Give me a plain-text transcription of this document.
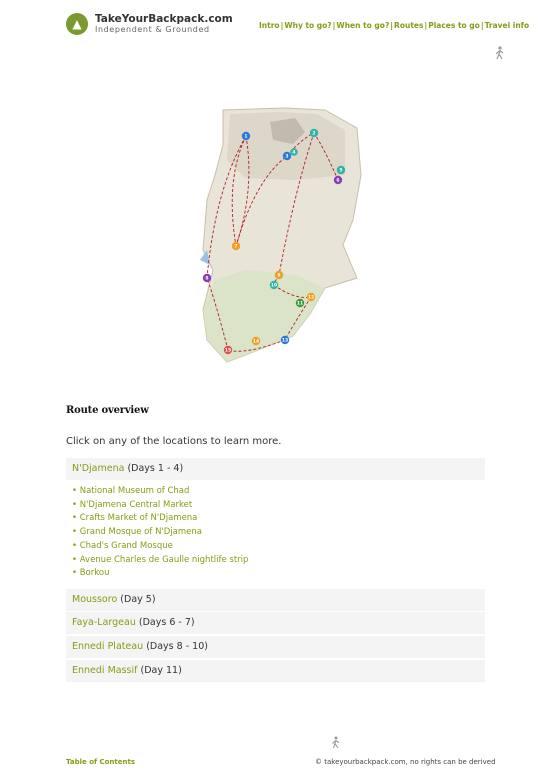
▲	TakeYourBackpack.com
Independent & Grounded	Intro | Why to go? | When to go? | Routes | Places to go | Travel info
1
2
3
4
5
6
7
8
9
10
11
12
13
14
15
Route overview
Click on any of the locations to learn more.
N'Djamena (Days 1 - 4)
• National Museum of Chad
• N'Djamena Central Market
• Crafts Market of N'Djamena
• Grand Mosque of N'Djamena
• Chad's Grand Mosque
• Avenue Charles de Gaulle nightlife strip
• Borkou
Moussoro (Day 5)
Faya-Largeau (Days 6 - 7)
Ennedi Plateau (Days 8 - 10)
Ennedi Massif (Day 11)
Table of Contents	© takeyourbackpack.com, no rights can be derived
